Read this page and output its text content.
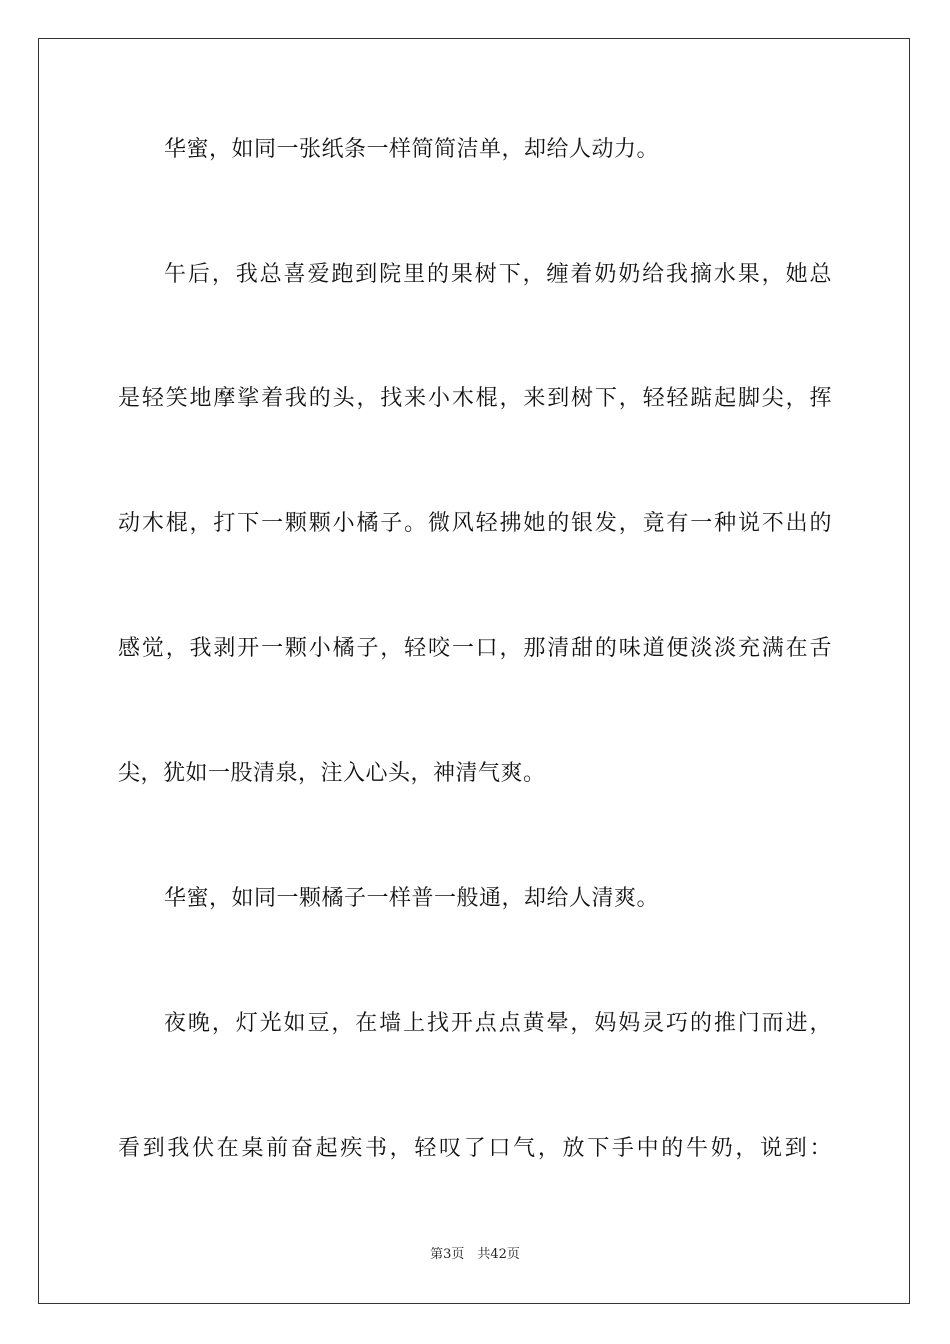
华蜜，如同一张纸条一样简简洁单，却给人动力。
午后，我总喜爱跑到院里的果树下，缠着奶奶给我摘水果，她总
是轻笑地摩挲着我的头，找来小木棍，来到树下，轻轻踮起脚尖，挥
动木棍，打下一颗颗小橘子。微风轻拂她的银发，竟有一种说不出的
感觉，我剥开一颗小橘子，轻咬一口，那清甜的味道便淡淡充满在舌
尖，犹如一股清泉，注入心头，神清气爽。
华蜜，如同一颗橘子一样普一般通，却给人清爽。
夜晚，灯光如豆，在墙上找开点点黄晕，妈妈灵巧的推门而进，
看到我伏在桌前奋起疾书，轻叹了口气，放下手中的牛奶，说到：
第3页　共42页
